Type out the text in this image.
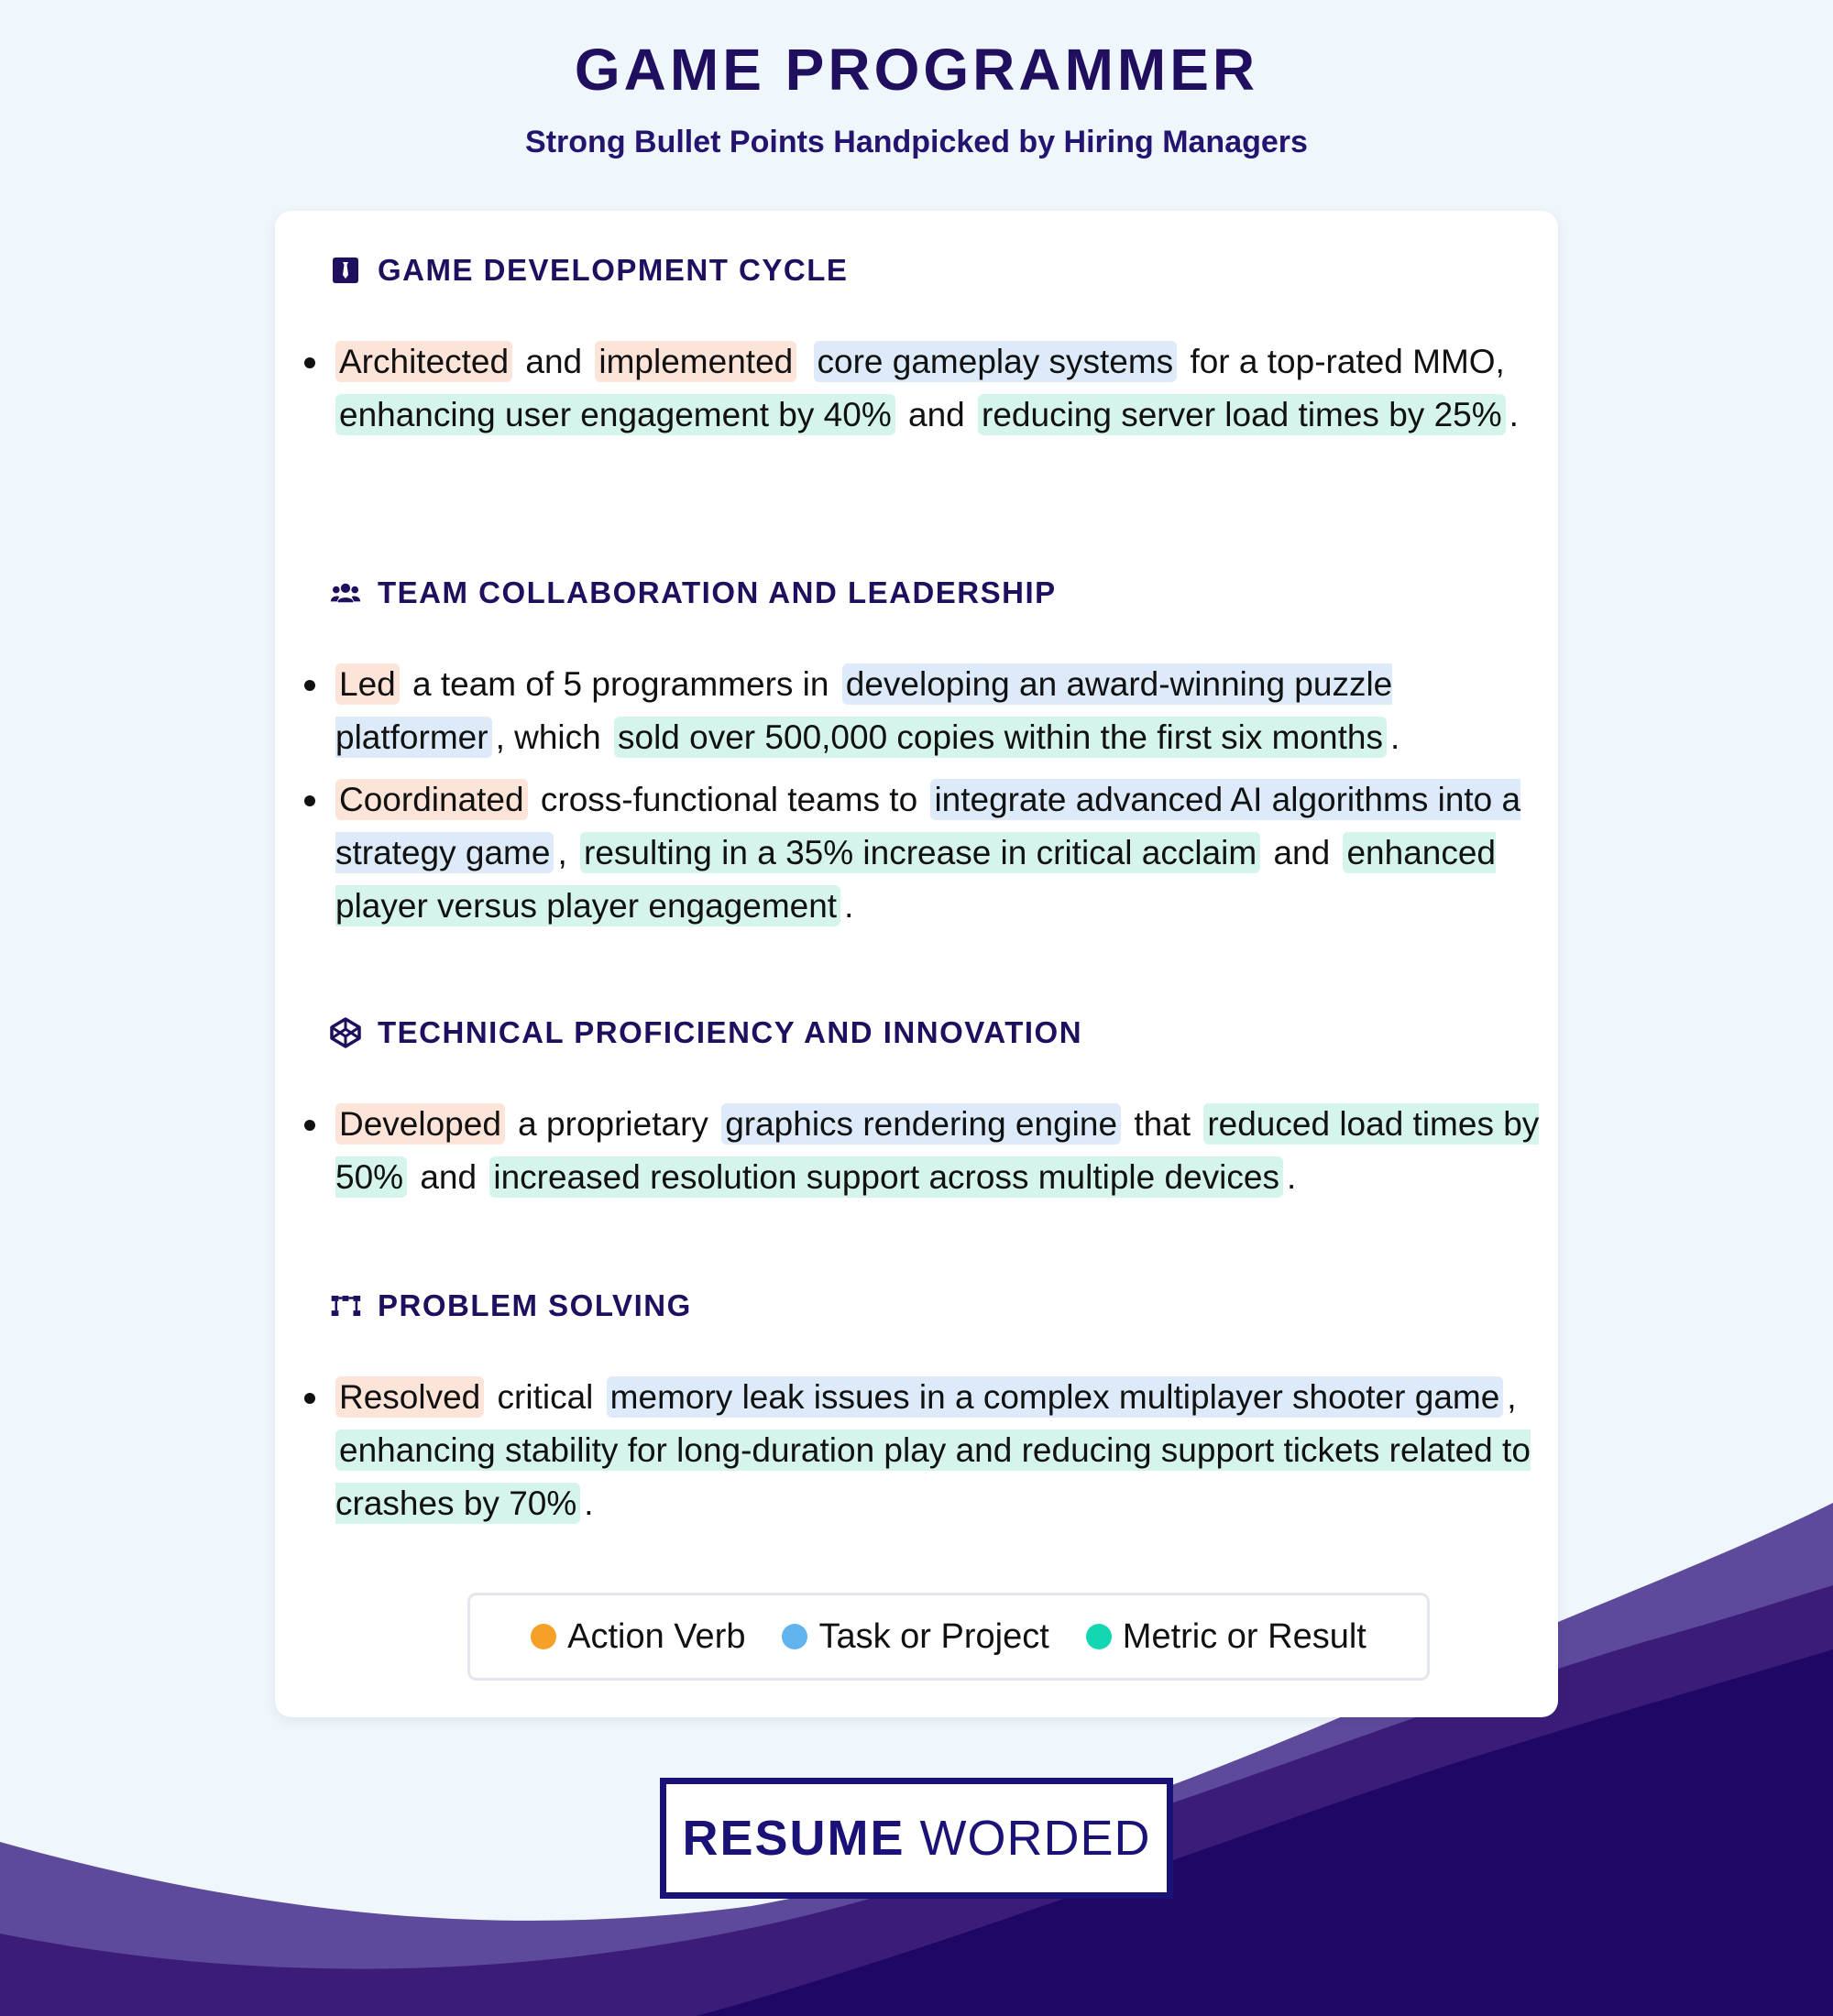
GAME PROGRAMMER
Strong Bullet Points Handpicked by Hiring Managers
GAME DEVELOPMENT CYCLE
Architected and implemented core gameplay systems for a top-rated MMO, enhancing user engagement by 40% and reducing server load times by 25% .
TEAM COLLABORATION AND LEADERSHIP
Led a team of 5 programmers in developing an award-winning puzzle platformer , which sold over 500,000 copies within the first six months .
Coordinated cross-functional teams to integrate advanced AI algorithms into a strategy game , resulting in a 35% increase in critical acclaim and enhanced player versus player engagement .
TECHNICAL PROFICIENCY AND INNOVATION
Developed a proprietary graphics rendering engine that reduced load times by 50% and increased resolution support across multiple devices .
PROBLEM SOLVING
Resolved critical memory leak issues in a complex multiplayer shooter game , enhancing stability for long-duration play and reducing support tickets related to crashes by 70% .
Action Verb Task or Project Metric or Result
RESUME WORDED
